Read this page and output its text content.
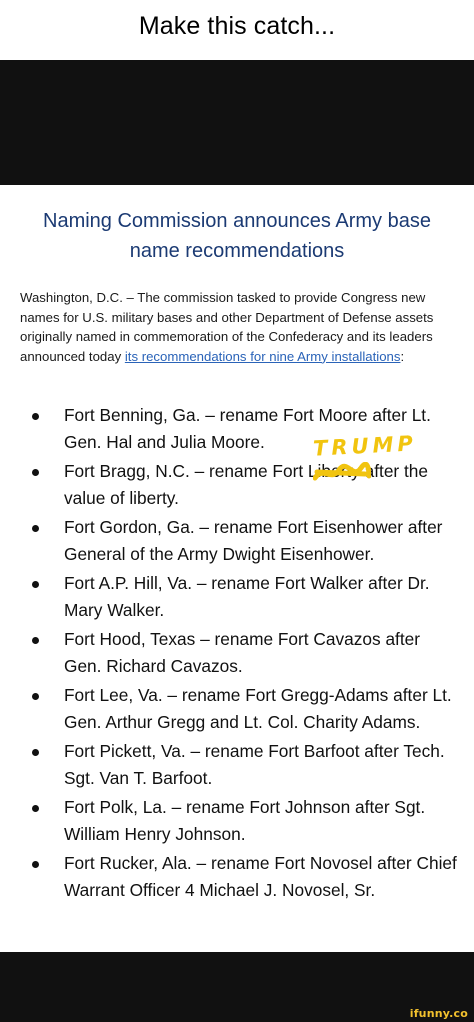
Make this catch...
Naming Commission announces Army base name recommendations

Washington, D.C. – The commission tasked to provide Congress new names for U.S. military bases and other Department of Defense assets originally named in commemoration of the Confederacy and its leaders announced today its recommendations for nine Army installations:

Fort Benning, Ga. – rename Fort Moore after Lt. Gen. Hal and Julia Moore.
Fort Bragg, N.C. – rename Fort Liberty after the value of liberty.
Fort Gordon, Ga. – rename Fort Eisenhower after General of the Army Dwight Eisenhower.
Fort A.P. Hill, Va. – rename Fort Walker after Dr. Mary Walker.
Fort Hood, Texas – rename Fort Cavazos after Gen. Richard Cavazos.
Fort Lee, Va. – rename Fort Gregg-Adams after Lt. Gen. Arthur Gregg and Lt. Col. Charity Adams.
Fort Pickett, Va. – rename Fort Barfoot after Tech. Sgt. Van T. Barfoot.
Fort Polk, La. – rename Fort Johnson after Sgt. William Henry Johnson.
Fort Rucker, Ala. – rename Fort Novosel after Chief Warrant Officer 4 Michael J. Novosel, Sr.
TRUMP
ifunny.co
